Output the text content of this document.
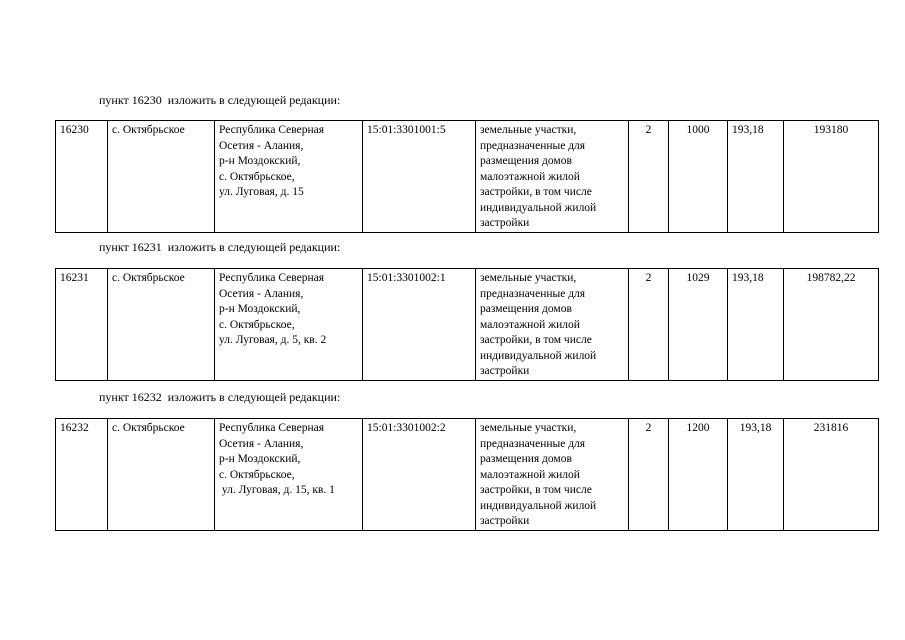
пункт 16230  изложить в следующей редакции:
16230	с. Октябрьское	Республика Северная
Осетия - Алания,
р-н Моздокский,
с. Октябрьское,
ул. Луговая, д. 15
	15:01:3301001:5	земельные участки,
предназначенные для
размещения домов
малоэтажной жилой
застройки, в том числе
индивидуальной жилой
застройки
	2	1000	193,18	193180
пункт 16231  изложить в следующей редакции:
16231	с. Октябрьское	Республика Северная
Осетия - Алания,
р-н Моздокский,
с. Октябрьское,
ул. Луговая, д. 5, кв. 2
	15:01:3301002:1	земельные участки,
предназначенные для
размещения домов
малоэтажной жилой
застройки, в том числе
индивидуальной жилой
застройки
	2	1029	193,18	198782,22
пункт 16232  изложить в следующей редакции:
16232	с. Октябрьское	Республика Северная
Осетия - Алания,
р-н Моздокский,
с. Октябрьское,
ул. Луговая, д. 15, кв. 1
	15:01:3301002:2	земельные участки,
предназначенные для
размещения домов
малоэтажной жилой
застройки, в том числе
индивидуальной жилой
застройки
	2	1200	193,18	231816
